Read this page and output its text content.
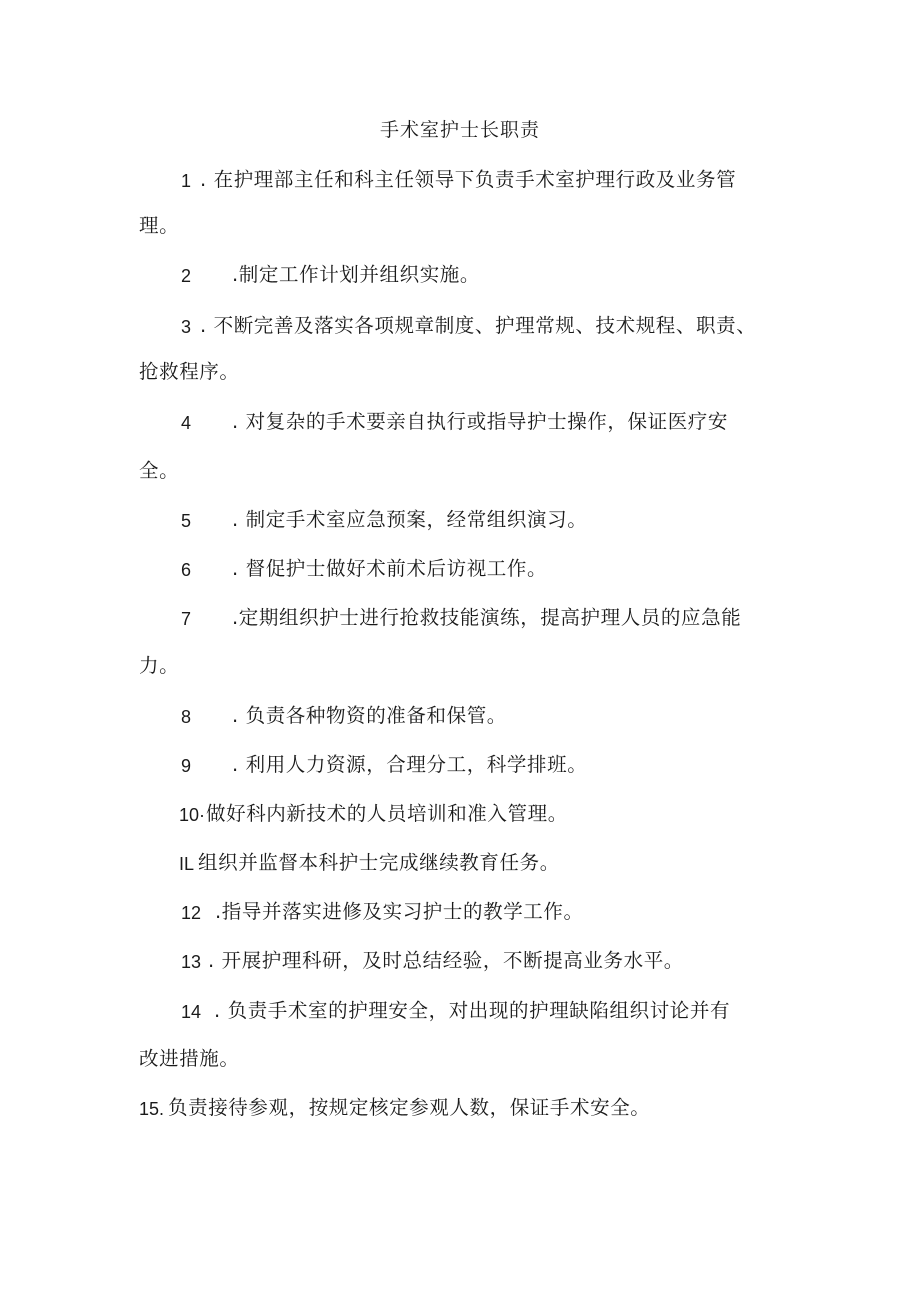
手术室护士长职责
1 . 在护理部主任和科主任领导下负责手术室护理行政及业务管
理。
2 .制定工作计划并组织实施。
3 . 不断完善及落实各项规章制度、护理常规、技术规程、职责、
抢救程序。
4 . 对复杂的手术要亲自执行或指导护士操作，保证医疗安
全。
5 . 制定手术室应急预案，经常组织演习。
6 . 督促护士做好术前术后访视工作。
7 .定期组织护士进行抢救技能演练，提高护理人员的应急能
力。
8 . 负责各种物资的准备和保管。
9 . 利用人力资源，合理分工，科学排班。
10· 做好科内新技术的人员培训和准入管理。
IL 组织并监督本科护士完成继续教育任务。
12 .指导并落实进修及实习护士的教学工作。
13 . 开展护理科研，及时总结经验，不断提高业务水平。
14 . 负责手术室的护理安全，对出现的护理缺陷组织讨论并有
改进措施。
15. 负责接待参观，按规定核定参观人数，保证手术安全。
